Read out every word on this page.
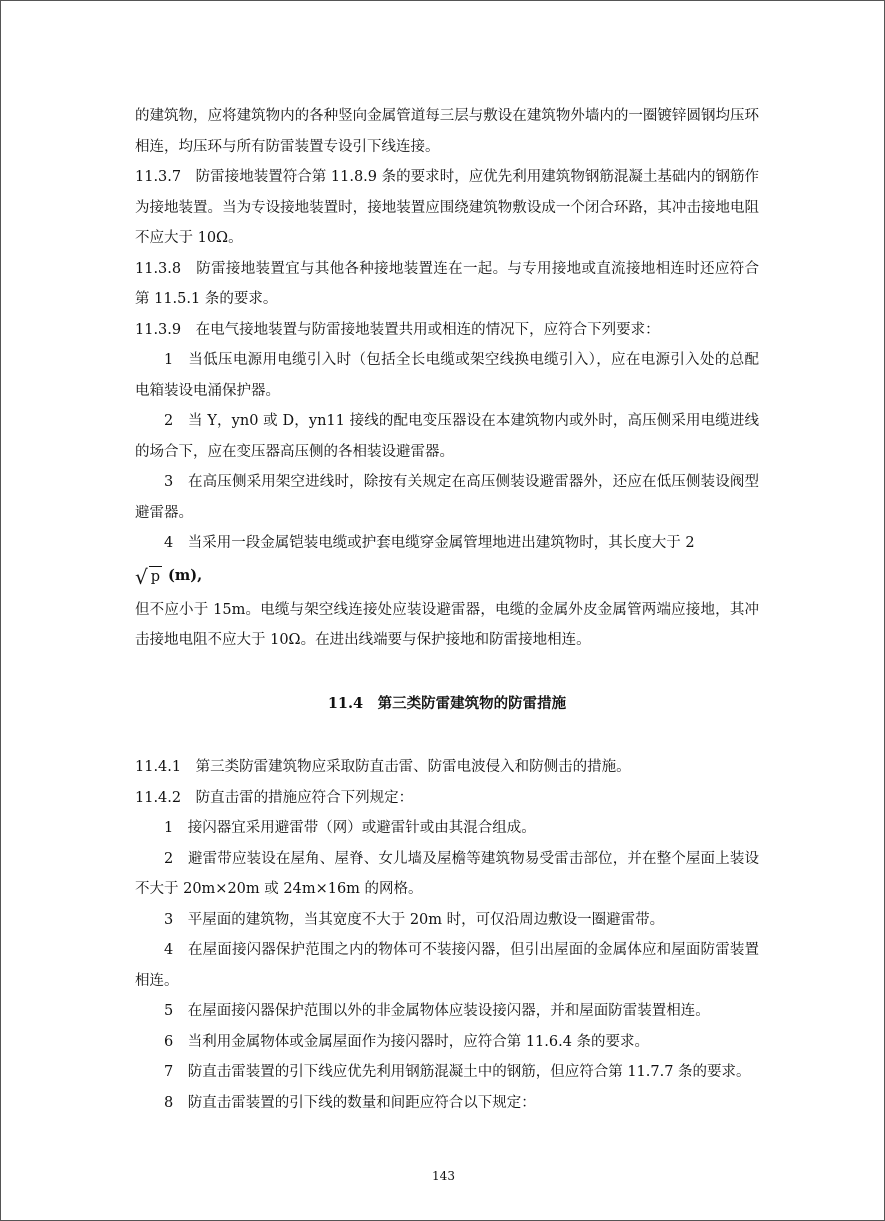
的建筑物，应将建筑物内的各种竖向金属管道每三层与敷设在建筑物外墙内的一圈镀锌圆钢均压环相连，均压环与所有防雷装置专设引下线连接。

11.3.7　防雷接地装置符合第 11.8.9 条的要求时，应优先利用建筑物钢筋混凝土基础内的钢筋作为接地装置。当为专设接地装置时，接地装置应围绕建筑物敷设成一个闭合环路，其冲击接地电阻不应大于 10Ω。

11.3.8　防雷接地装置宜与其他各种接地装置连在一起。与专用接地或直流接地相连时还应符合第 11.5.1 条的要求。

11.3.9　在电气接地装置与防雷接地装置共用或相连的情况下，应符合下列要求：

1　当低压电源用电缆引入时（包括全长电缆或架空线换电缆引入），应在电源引入处的总配电箱装设电涌保护器。

2　当 Y，yn0 或 D，yn11 接线的配电变压器设在本建筑物内或外时，高压侧采用电缆进线的场合下，应在变压器高压侧的各相装设避雷器。

3　在高压侧采用架空进线时，除按有关规定在高压侧装设避雷器外，还应在低压侧装设阀型避雷器。

4　当采用一段金属铠装电缆或护套电缆穿金属管埋地进出建筑物时，其长度大于 2

√ p (m),

但不应小于 15m。电缆与架空线连接处应装设避雷器，电缆的金属外皮金属管两端应接地，其冲击接地电阻不应大于 10Ω。在进出线端要与保护接地和防雷接地相连。

11.4　第三类防雷建筑物的防雷措施

11.4.1　第三类防雷建筑物应采取防直击雷、防雷电波侵入和防侧击的措施。

11.4.2　防直击雷的措施应符合下列规定：

1　接闪器宜采用避雷带（网）或避雷针或由其混合组成。

2　避雷带应装设在屋角、屋脊、女儿墙及屋檐等建筑物易受雷击部位，并在整个屋面上装设不大于 20m×20m 或 24m×16m 的网格。

3　平屋面的建筑物，当其宽度不大于 20m 时，可仅沿周边敷设一圈避雷带。

4　在屋面接闪器保护范围之内的物体可不装接闪器，但引出屋面的金属体应和屋面防雷装置相连。

5　在屋面接闪器保护范围以外的非金属物体应装设接闪器，并和屋面防雷装置相连。

6　当利用金属物体或金属屋面作为接闪器时，应符合第 11.6.4 条的要求。

7　防直击雷装置的引下线应优先利用钢筋混凝土中的钢筋，但应符合第 11.7.7 条的要求。

8　防直击雷装置的引下线的数量和间距应符合以下规定：

143
